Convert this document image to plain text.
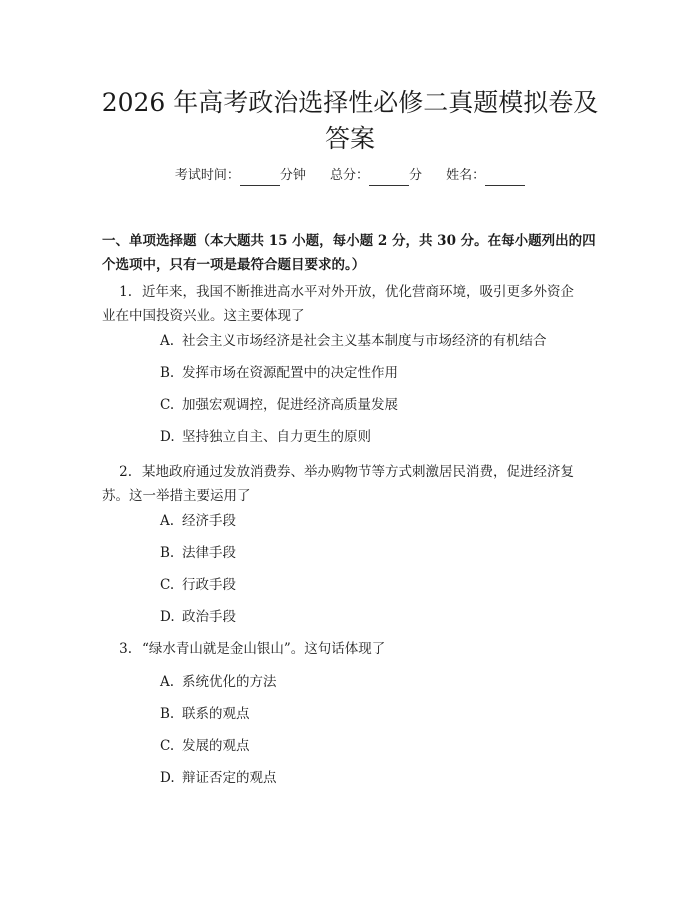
2026 年高考政治选择性必修二真题模拟卷及
答案
考试时间：	分钟 总分：	分 姓名：
一、单项选择题（本大题共 15 小题，每小题 2 分，共 30 分。在每小题列出的四
个选项中，只有一项是最符合题目要求的。）
1. 近年来，我国不断推进高水平对外开放，优化营商环境，吸引更多外资企
业在中国投资兴业。这主要体现了
A. 社会主义市场经济是社会主义基本制度与市场经济的有机结合
B. 发挥市场在资源配置中的决定性作用
C. 加强宏观调控，促进经济高质量发展
D. 坚持独立自主、自力更生的原则
2. 某地政府通过发放消费券、举办购物节等方式刺激居民消费，促进经济复
苏。这一举措主要运用了
A. 经济手段
B. 法律手段
C. 行政手段
D. 政治手段
3. “绿水青山就是金山银山”。这句话体现了
A. 系统优化的方法
B. 联系的观点
C. 发展的观点
D. 辩证否定的观点
